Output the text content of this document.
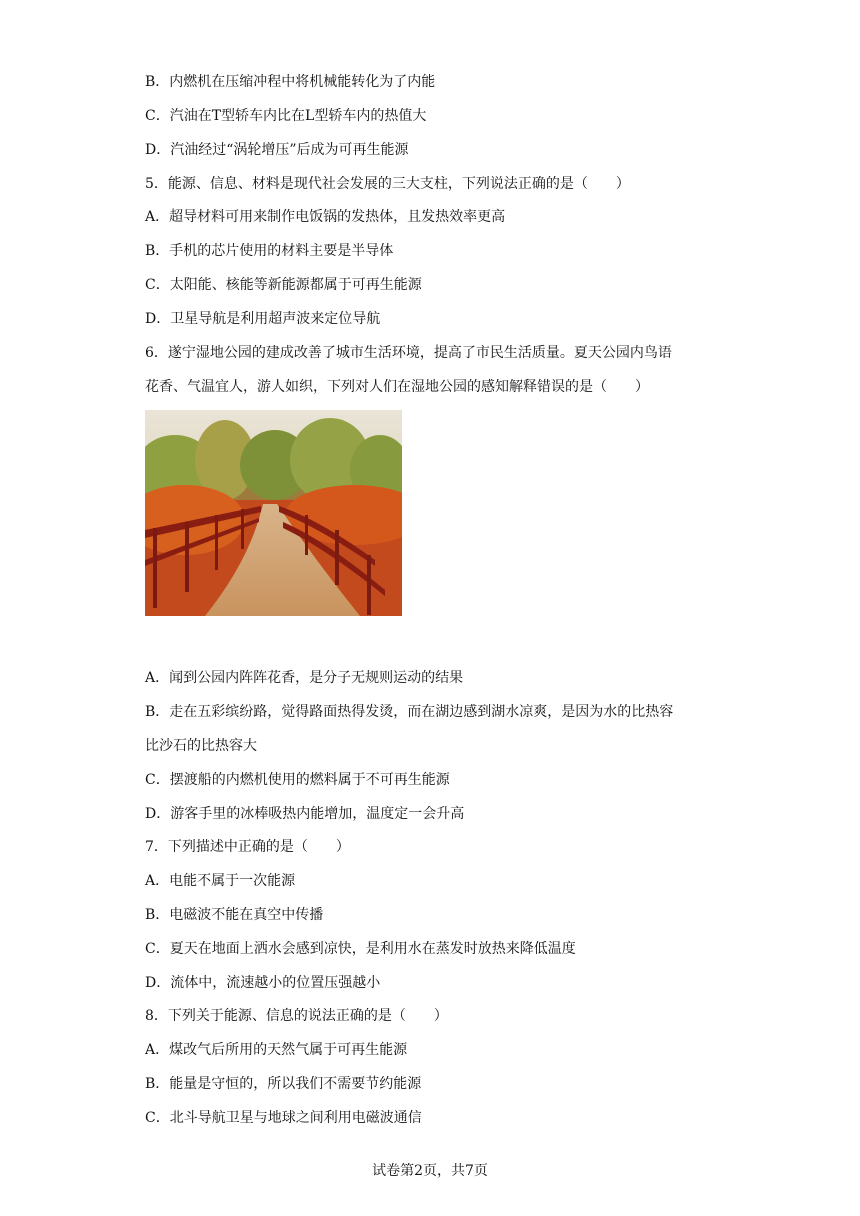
B．内燃机在压缩冲程中将机械能转化为了内能
C．汽油在T型轿车内比在L型轿车内的热值大
D．汽油经过“涡轮增压”后成为可再生能源
5．能源、信息、材料是现代社会发展的三大支柱，下列说法正确的是（　　）
A．超导材料可用来制作电饭锅的发热体，且发热效率更高
B．手机的芯片使用的材料主要是半导体
C．太阳能、核能等新能源都属于可再生能源
D．卫星导航是利用超声波来定位导航
6．遂宁湿地公园的建成改善了城市生活环境，提高了市民生活质量。夏天公园内鸟语
花香、气温宜人，游人如织，下列对人们在湿地公园的感知解释错误的是（　　）
A．闻到公园内阵阵花香，是分子无规则运动的结果
B．走在五彩缤纷路，觉得路面热得发烫，而在湖边感到湖水凉爽，是因为水的比热容
比沙石的比热容大
C．摆渡船的内燃机使用的燃料属于不可再生能源
D．游客手里的冰棒吸热内能增加，温度定一会升高
7．下列描述中正确的是（　　）
A．电能不属于一次能源
B．电磁波不能在真空中传播
C．夏天在地面上洒水会感到凉快，是利用水在蒸发时放热来降低温度
D．流体中，流速越小的位置压强越小
8．下列关于能源、信息的说法正确的是（　　）
A．煤改气后所用的天然气属于可再生能源
B．能量是守恒的，所以我们不需要节约能源
C．北斗导航卫星与地球之间利用电磁波通信
试卷第2页，共7页
